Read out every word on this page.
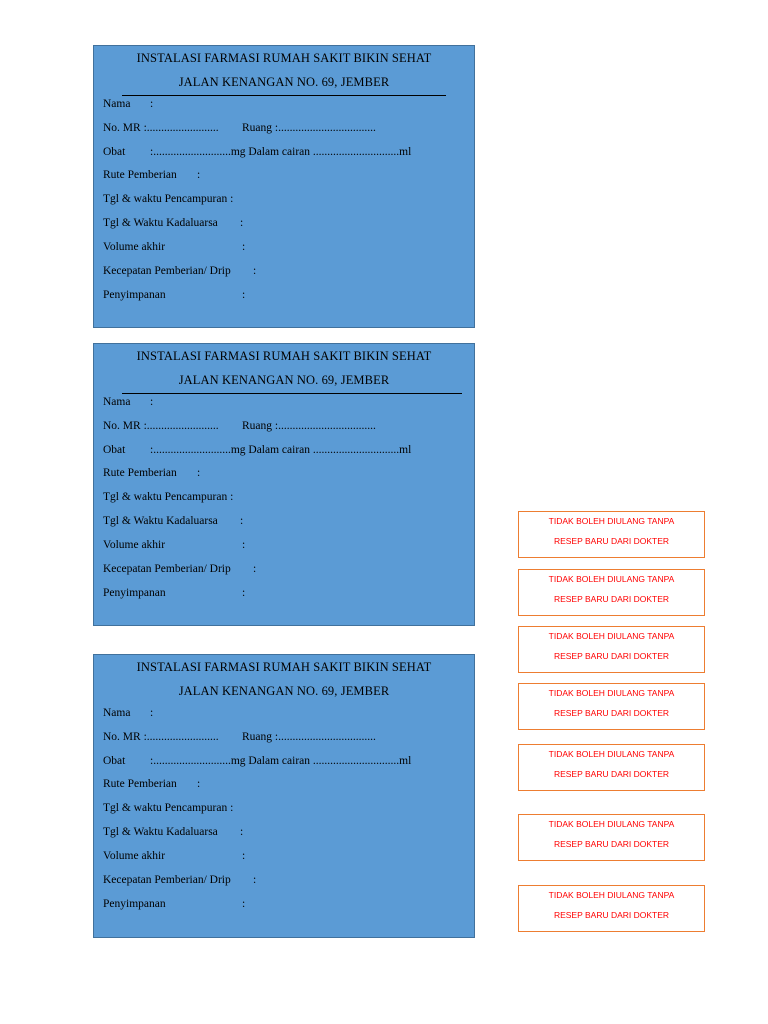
INSTALASI FARMASI RUMAH SAKIT BIKIN SEHAT
JALAN KENANGAN NO. 69, JEMBER
Nama :
No. MR :......................... Ruang :..................................
Obat :...........................mg Dalam cairan ..............................ml
Rute Pemberian :
Tgl & waktu Pencampuran :
Tgl & Waktu Kadaluarsa :
Volume akhir	:
Kecepatan Pemberian/ Drip :
Penyimpanan	:
INSTALASI FARMASI RUMAH SAKIT BIKIN SEHAT
JALAN KENANGAN NO. 69, JEMBER
Nama :
No. MR :......................... Ruang :..................................
Obat :...........................mg Dalam cairan ..............................ml
Rute Pemberian :
Tgl & waktu Pencampuran :
Tgl & Waktu Kadaluarsa :
Volume akhir	:
Kecepatan Pemberian/ Drip :
Penyimpanan	:
INSTALASI FARMASI RUMAH SAKIT BIKIN SEHAT
JALAN KENANGAN NO. 69, JEMBER
Nama :
No. MR :......................... Ruang :..................................
Obat :...........................mg Dalam cairan ..............................ml
Rute Pemberian :
Tgl & waktu Pencampuran :
Tgl & Waktu Kadaluarsa :
Volume akhir	:
Kecepatan Pemberian/ Drip :
Penyimpanan	:
TIDAK BOLEH DIULANG TANPA
RESEP BARU DARI DOKTER
TIDAK BOLEH DIULANG TANPA
RESEP BARU DARI DOKTER
TIDAK BOLEH DIULANG TANPA
RESEP BARU DARI DOKTER
TIDAK BOLEH DIULANG TANPA
RESEP BARU DARI DOKTER
TIDAK BOLEH DIULANG TANPA
RESEP BARU DARI DOKTER
TIDAK BOLEH DIULANG TANPA
RESEP BARU DARI DOKTER
TIDAK BOLEH DIULANG TANPA
RESEP BARU DARI DOKTER
